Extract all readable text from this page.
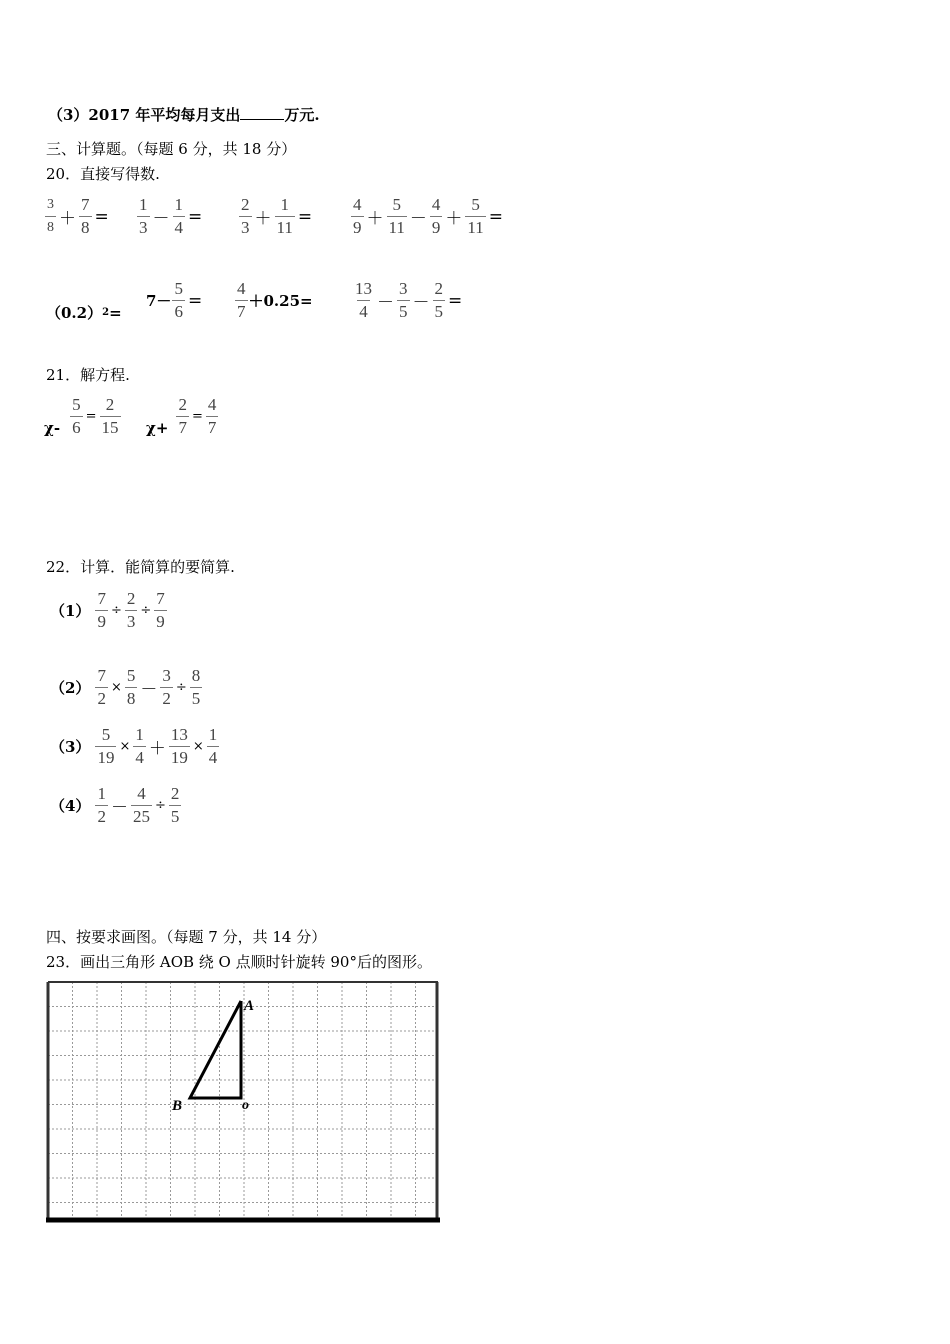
（3）2017 年平均每月支出	万元.
三、计算题。（每题 6 分，共 18 分）
20．直接写得数.
$\frac{3}{8} + \frac{7}{8} = \frac{1}{3} - \frac{1}{4} = \frac{2}{3} + \frac{1}{11} = \frac{4}{9} + \frac{5}{11} - \frac{4}{9} + \frac{5}{11}$ =
（0.2） 2 =
$7- \frac{5}{6} = \frac{4}{7} +0.25= \frac{13}{4} - \frac{3}{5} - \frac{2}{5}$ =
21．解方程.
$\chi- \frac{5}{6} = \frac{2}{15} \chi+ \frac{2}{7} = \frac{4}{7}$
22．计算．能简算的要简算.
$(1) \frac{7}{9} \div \frac{2}{3} \div \frac{7}{9}$
$(2) \frac{7}{2} \times \frac{5}{8} - \frac{3}{2} \div \frac{8}{5}$
$(3) \frac{5}{19} \times \frac{1}{4} + \frac{13}{19} \times \frac{1}{4}$
$(4) \frac{1}{2} - \frac{4}{25} \div \frac{2}{5}$
四、按要求画图。（每题 7 分，共 14 分）
23．画出三角形 AOB 绕 O 点顺时针旋转 90°后的图形。
A
B	o
